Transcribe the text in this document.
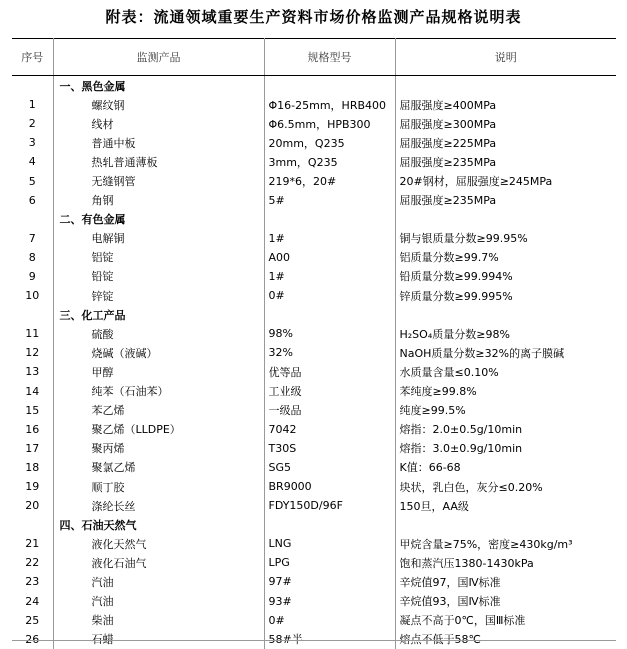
附表：流通领域重要生产资料市场价格监测产品规格说明表
序号	监测产品	规格型号	说明
	一、黑色金属		
1	螺纹钢	Φ16-25mm，HRB400	屈服强度≥400MPa
2	线材	Φ6.5mm，HPB300	屈服强度≥300MPa
3	普通中板	20mm，Q235	屈服强度≥225MPa
4	热轧普通薄板	3mm，Q235	屈服强度≥235MPa
5	无缝钢管	219*6，20#	20#钢材，屈服强度≥245MPa
6	角钢	5#	屈服强度≥235MPa
	二、有色金属		
7	电解铜	1#	铜与银质量分数≥99.95%
8	铝锭	A00	铝质量分数≥99.7%
9	铅锭	1#	铅质量分数≥99.994%
10	锌锭	0#	锌质量分数≥99.995%
	三、化工产品		
11	硫酸	98%	H₂SO₄质量分数≥98%
12	烧碱（液碱）	32%	NaOH质量分数≥32%的离子膜碱
13	甲醇	优等品	水质量含量≤0.10%
14	纯苯（石油苯）	工业级	苯纯度≥99.8%
15	苯乙烯	一级品	纯度≥99.5%
16	聚乙烯（LLDPE）	7042	熔指：2.0±0.5g/10min
17	聚丙烯	T30S	熔指：3.0±0.9g/10min
18	聚氯乙烯	SG5	K值：66-68
19	顺丁胶	BR9000	块状，乳白色，灰分≤0.20%
20	涤纶长丝	FDY150D/96F	150旦，AA级
	四、石油天然气		
21	液化天然气	LNG	甲烷含量≥75%，密度≥430kg/m³
22	液化石油气	LPG	饱和蒸汽压1380-1430kPa
23	汽油	97#	辛烷值97，国Ⅳ标准
24	汽油	93#	辛烷值93，国Ⅳ标准
25	柴油	0#	凝点不高于0℃，国Ⅲ标准
26	石蜡	58#半	熔点不低于58℃
